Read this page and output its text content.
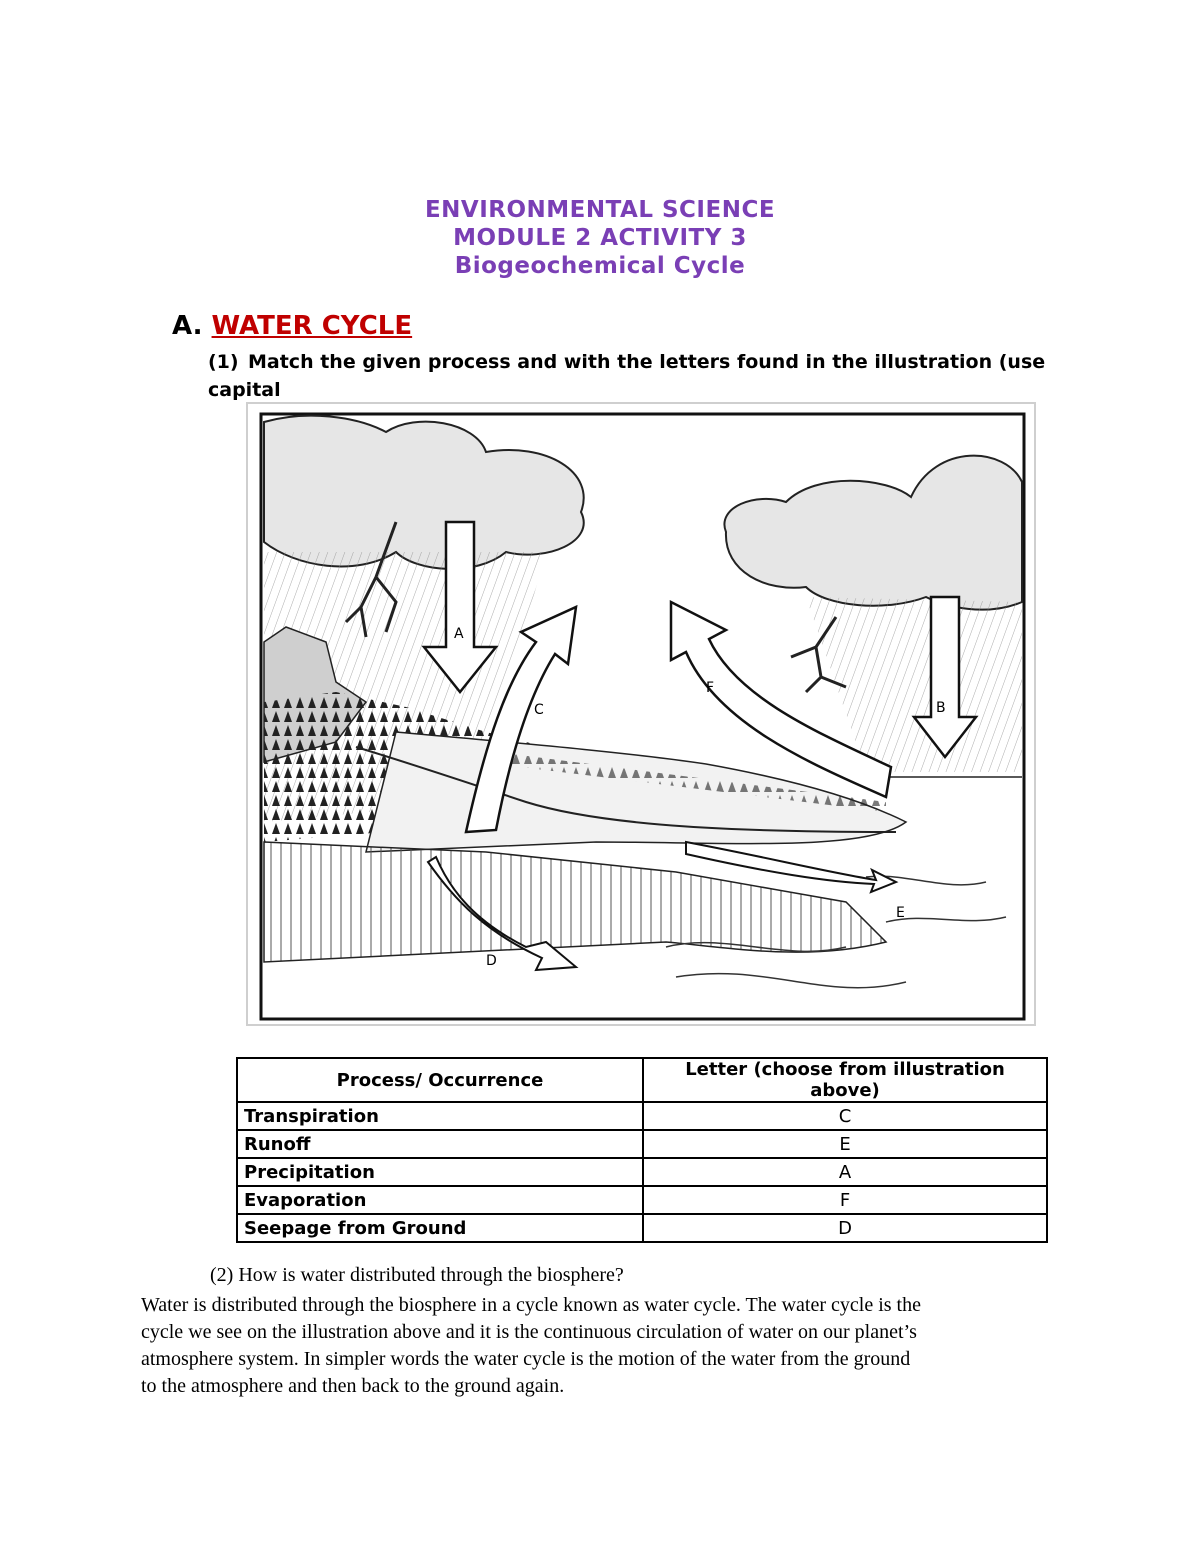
ENVIRONMENTAL SCIENCE
MODULE 2 ACTIVITY 3
Biogeochemical Cycle
A. WATER CYCLE
(1) Match the given process and with the letters found in the illustration (use capital
A
C
F
B
E
D
Process/ Occurrence	Letter (choose from illustration above)
Transpiration	C
Runoff	E
Precipitation	A
Evaporation	F
Seepage from Ground	D
(2) How is water distributed through the biosphere?
Water is distributed through the biosphere in a cycle known as water cycle. The water cycle is the
cycle we see on the illustration above and it is the continuous circulation of water on our planet’s
atmosphere system. In simpler words the water cycle is the motion of the water from the ground
to the atmosphere and then back to the ground again.
